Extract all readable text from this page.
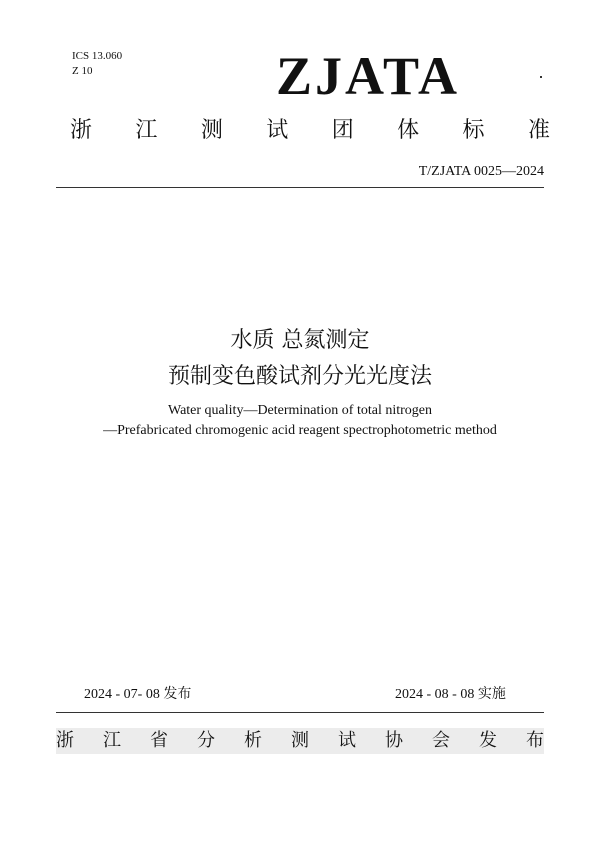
ICS 13.060
Z 10	ZJATA
浙 江 测 试 团 体 标 准
T/ZJATA 0025—2024
水质 总氮测定
预制变色酸试剂分光光度法
Water quality—Determination of total nitrogen
—Prefabricated chromogenic acid reagent spectrophotometric method
2024 - 07- 08 发布	2024 - 08 - 08 实施
浙 江 省 分 析 测 试 协 会 发 布
